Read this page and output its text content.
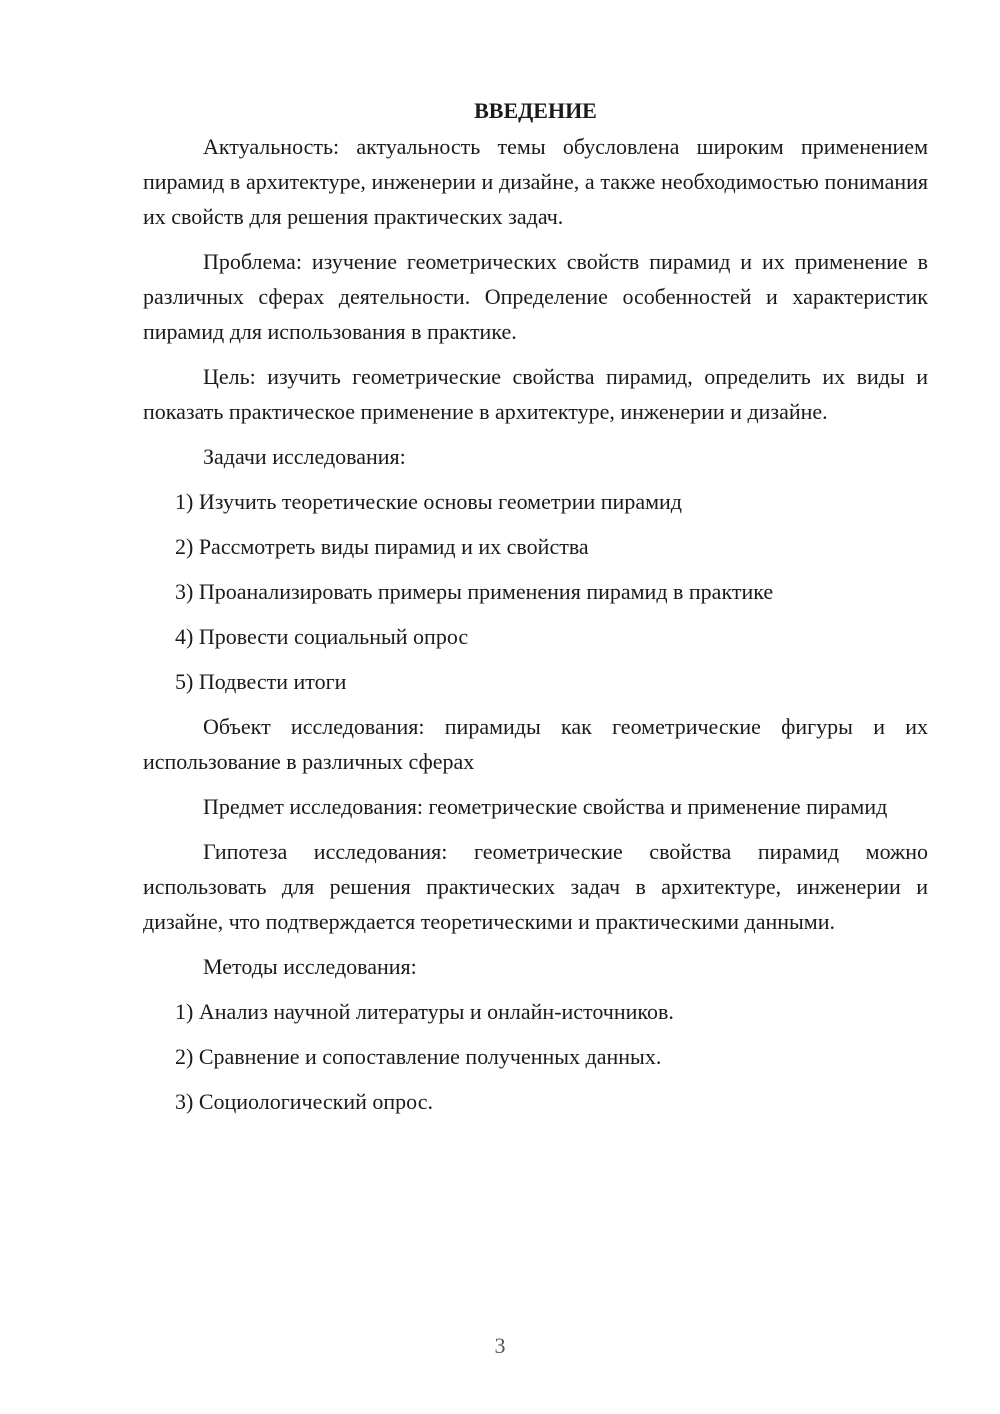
ВВЕДЕНИЕ

Актуальность: актуальность темы обусловлена широким применением пирамид в архитектуре, инженерии и дизайне, а также необходимостью понимания их свойств для решения практических задач.

Проблема: изучение геометрических свойств пирамид и их применение в различных сферах деятельности. Определение особенностей и характеристик пирамид для использования в практике.

Цель: изучить геометрические свойства пирамид, определить их виды и показать практическое применение в архитектуре, инженерии и дизайне.

Задачи исследования:

1) Изучить теоретические основы геометрии пирамид
2) Рассмотреть виды пирамид и их свойства
3) Проанализировать примеры применения пирамид в практике
4) Провести социальный опрос
5) Подвести итоги

Объект исследования: пирамиды как геометрические фигуры и их использование в различных сферах

Предмет исследования: геометрические свойства и применение пирамид

Гипотеза исследования: геометрические свойства пирамид можно использовать для решения практических задач в архитектуре, инженерии и дизайне, что подтверждается теоретическими и практическими данными.

Методы исследования:

1) Анализ научной литературы и онлайн-источников.
2) Сравнение и сопоставление полученных данных.
3) Социологический опрос.
3
